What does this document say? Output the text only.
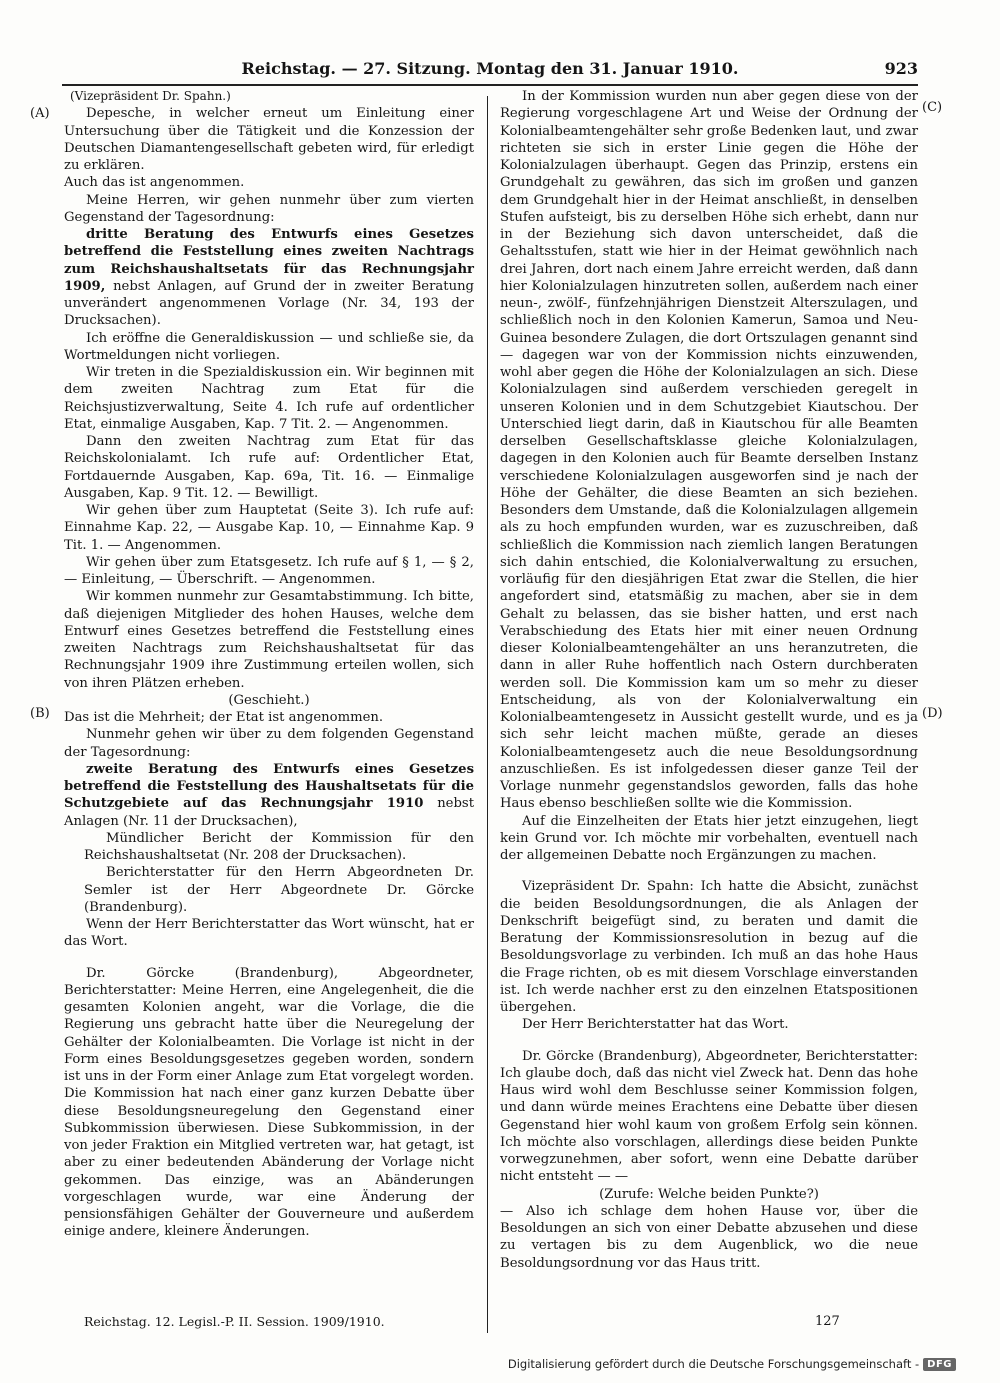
Reichstag. — 27. Sitzung. Montag den 31. Januar 1910.	923
(A)
(B)
(C)
(D)

(Vizepräsident Dr. Spahn.)

Depesche, in welcher erneut um Einleitung einer Untersuchung über die Tätigkeit und die Konzession der Deutschen Diamantengesellschaft gebeten wird, für erledigt zu erklären.

Auch das ist angenommen.

Meine Herren, wir gehen nunmehr über zum vierten Gegenstand der Tagesordnung:

dritte Beratung des Entwurfs eines Gesetzes betreffend die Feststellung eines zweiten Nachtrags zum Reichshaushaltsetats für das Rechnungsjahr 1909, nebst Anlagen, auf Grund der in zweiter Beratung unverändert angenommenen Vorlage (Nr. 34, 193 der Drucksachen).

Ich eröffne die Generaldiskussion — und schließe sie, da Wortmeldungen nicht vorliegen.

Wir treten in die Spezialdiskussion ein. Wir beginnen mit dem zweiten Nachtrag zum Etat für die Reichsjustizverwaltung, Seite 4. Ich rufe auf ordentlicher Etat, einmalige Ausgaben, Kap. 7 Tit. 2. — Angenommen.

Dann den zweiten Nachtrag zum Etat für das Reichskolonialamt. Ich rufe auf: Ordentlicher Etat, Fortdauernde Ausgaben, Kap. 69a, Tit. 16. — Einmalige Ausgaben, Kap. 9 Tit. 12. — Bewilligt.

Wir gehen über zum Hauptetat (Seite 3). Ich rufe auf: Einnahme Kap. 22, — Ausgabe Kap. 10, — Einnahme Kap. 9 Tit. 1. — Angenommen.

Wir gehen über zum Etatsgesetz. Ich rufe auf § 1, — § 2, — Einleitung, — Überschrift. — Angenommen.

Wir kommen nunmehr zur Gesamtabstimmung. Ich bitte, daß diejenigen Mitglieder des hohen Hauses, welche dem Entwurf eines Gesetzes betreffend die Feststellung eines zweiten Nachtrags zum Reichshaushaltsetat für das Rechnungsjahr 1909 ihre Zustimmung erteilen wollen, sich von ihren Plätzen erheben.

(Geschieht.)

Das ist die Mehrheit; der Etat ist angenommen.

Nunmehr gehen wir über zu dem folgenden Gegenstand der Tagesordnung:

zweite Beratung des Entwurfs eines Gesetzes betreffend die Feststellung des Haushaltsetats für die Schutzgebiete auf das Rechnungsjahr 1910 nebst Anlagen (Nr. 11 der Drucksachen),

Mündlicher Bericht der Kommission für den Reichshaushaltsetat (Nr. 208 der Drucksachen).

Berichterstatter für den Herrn Abgeordneten Dr. Semler ist der Herr Abgeordnete Dr. Görcke (Brandenburg).

Wenn der Herr Berichterstatter das Wort wünscht, hat er das Wort.

Dr. Görcke (Brandenburg), Abgeordneter, Berichterstatter: Meine Herren, eine Angelegenheit, die die gesamten Kolonien angeht, war die Vorlage, die die Regierung uns gebracht hatte über die Neuregelung der Gehälter der Kolonialbeamten. Die Vorlage ist nicht in der Form eines Besoldungsgesetzes gegeben worden, sondern ist uns in der Form einer Anlage zum Etat vorgelegt worden. Die Kommission hat nach einer ganz kurzen Debatte über diese Besoldungsneuregelung den Gegenstand einer Subkommission überwiesen. Diese Subkommission, in der von jeder Fraktion ein Mitglied vertreten war, hat getagt, ist aber zu einer bedeutenden Abänderung der Vorlage nicht gekommen. Das einzige, was an Abänderungen vorgeschlagen wurde, war eine Änderung der pensionsfähigen Gehälter der Gouverneure und außerdem einige andere, kleinere Änderungen.

In der Kommission wurden nun aber gegen diese von der Regierung vorgeschlagene Art und Weise der Ordnung der Kolonialbeamtengehälter sehr große Bedenken laut, und zwar richteten sie sich in erster Linie gegen die Höhe der Kolonialzulagen überhaupt. Gegen das Prinzip, erstens ein Grundgehalt zu gewähren, das sich im großen und ganzen dem Grundgehalt hier in der Heimat anschließt, in denselben Stufen aufsteigt, bis zu derselben Höhe sich erhebt, dann nur in der Beziehung sich davon unterscheidet, daß die Gehaltsstufen, statt wie hier in der Heimat gewöhnlich nach drei Jahren, dort nach einem Jahre erreicht werden, daß dann hier Kolonialzulagen hinzutreten sollen, außerdem nach einer neun-, zwölf-, fünfzehnjährigen Dienstzeit Alterszulagen, und schließlich noch in den Kolonien Kamerun, Samoa und Neu-Guinea besondere Zulagen, die dort Ortszulagen genannt sind — dagegen war von der Kommission nichts einzuwenden, wohl aber gegen die Höhe der Kolonialzulagen an sich. Diese Kolonialzulagen sind außerdem verschieden geregelt in unseren Kolonien und in dem Schutzgebiet Kiautschou. Der Unterschied liegt darin, daß in Kiautschou für alle Beamten derselben Gesellschaftsklasse gleiche Kolonialzulagen, dagegen in den Kolonien auch für Beamte derselben Instanz verschiedene Kolonialzulagen ausgeworfen sind je nach der Höhe der Gehälter, die diese Beamten an sich beziehen. Besonders dem Umstande, daß die Kolonialzulagen allgemein als zu hoch empfunden wurden, war es zuzuschreiben, daß schließlich die Kommission nach ziemlich langen Beratungen sich dahin entschied, die Kolonialverwaltung zu ersuchen, vorläufig für den diesjährigen Etat zwar die Stellen, die hier angefordert sind, etatsmäßig zu machen, aber sie in dem Gehalt zu belassen, das sie bisher hatten, und erst nach Verabschiedung des Etats hier mit einer neuen Ordnung dieser Kolonialbeamtengehälter an uns heranzutreten, die dann in aller Ruhe hoffentlich nach Ostern durchberaten werden soll. Die Kommission kam um so mehr zu dieser Entscheidung, als von der Kolonialverwaltung ein Kolonialbeamtengesetz in Aussicht gestellt wurde, und es ja sich sehr leicht machen müßte, gerade an dieses Kolonialbeamtengesetz auch die neue Besoldungsordnung anzuschließen. Es ist infolgedessen dieser ganze Teil der Vorlage nunmehr gegenstandslos geworden, falls das hohe Haus ebenso beschließen sollte wie die Kommission.

Auf die Einzelheiten der Etats hier jetzt einzugehen, liegt kein Grund vor. Ich möchte mir vorbehalten, eventuell nach der allgemeinen Debatte noch Ergänzungen zu machen.

Vizepräsident Dr. Spahn: Ich hatte die Absicht, zunächst die beiden Besoldungsordnungen, die als Anlagen der Denkschrift beigefügt sind, zu beraten und damit die Beratung der Kommissionsresolution in bezug auf die Besoldungsvorlage zu verbinden. Ich muß an das hohe Haus die Frage richten, ob es mit diesem Vorschlage einverstanden ist. Ich werde nachher erst zu den einzelnen Etatspositionen übergehen.

Der Herr Berichterstatter hat das Wort.

Dr. Görcke (Brandenburg), Abgeordneter, Berichterstatter: Ich glaube doch, daß das nicht viel Zweck hat. Denn das hohe Haus wird wohl dem Beschlusse seiner Kommission folgen, und dann würde meines Erachtens eine Debatte über diesen Gegenstand hier wohl kaum von großem Erfolg sein können. Ich möchte also vorschlagen, allerdings diese beiden Punkte vorwegzunehmen, aber sofort, wenn eine Debatte darüber nicht entsteht — —

(Zurufe: Welche beiden Punkte?)

— Also ich schlage dem hohen Hause vor, über die Besoldungen an sich von einer Debatte abzusehen und diese zu vertagen bis zu dem Augenblick, wo die neue Besoldungsordnung vor das Haus tritt.

Reichstag. 12. Legisl.-P. II. Session. 1909/1910.	127
Digitalisierung gefördert durch die Deutsche Forschungsgemeinschaft - DFG
